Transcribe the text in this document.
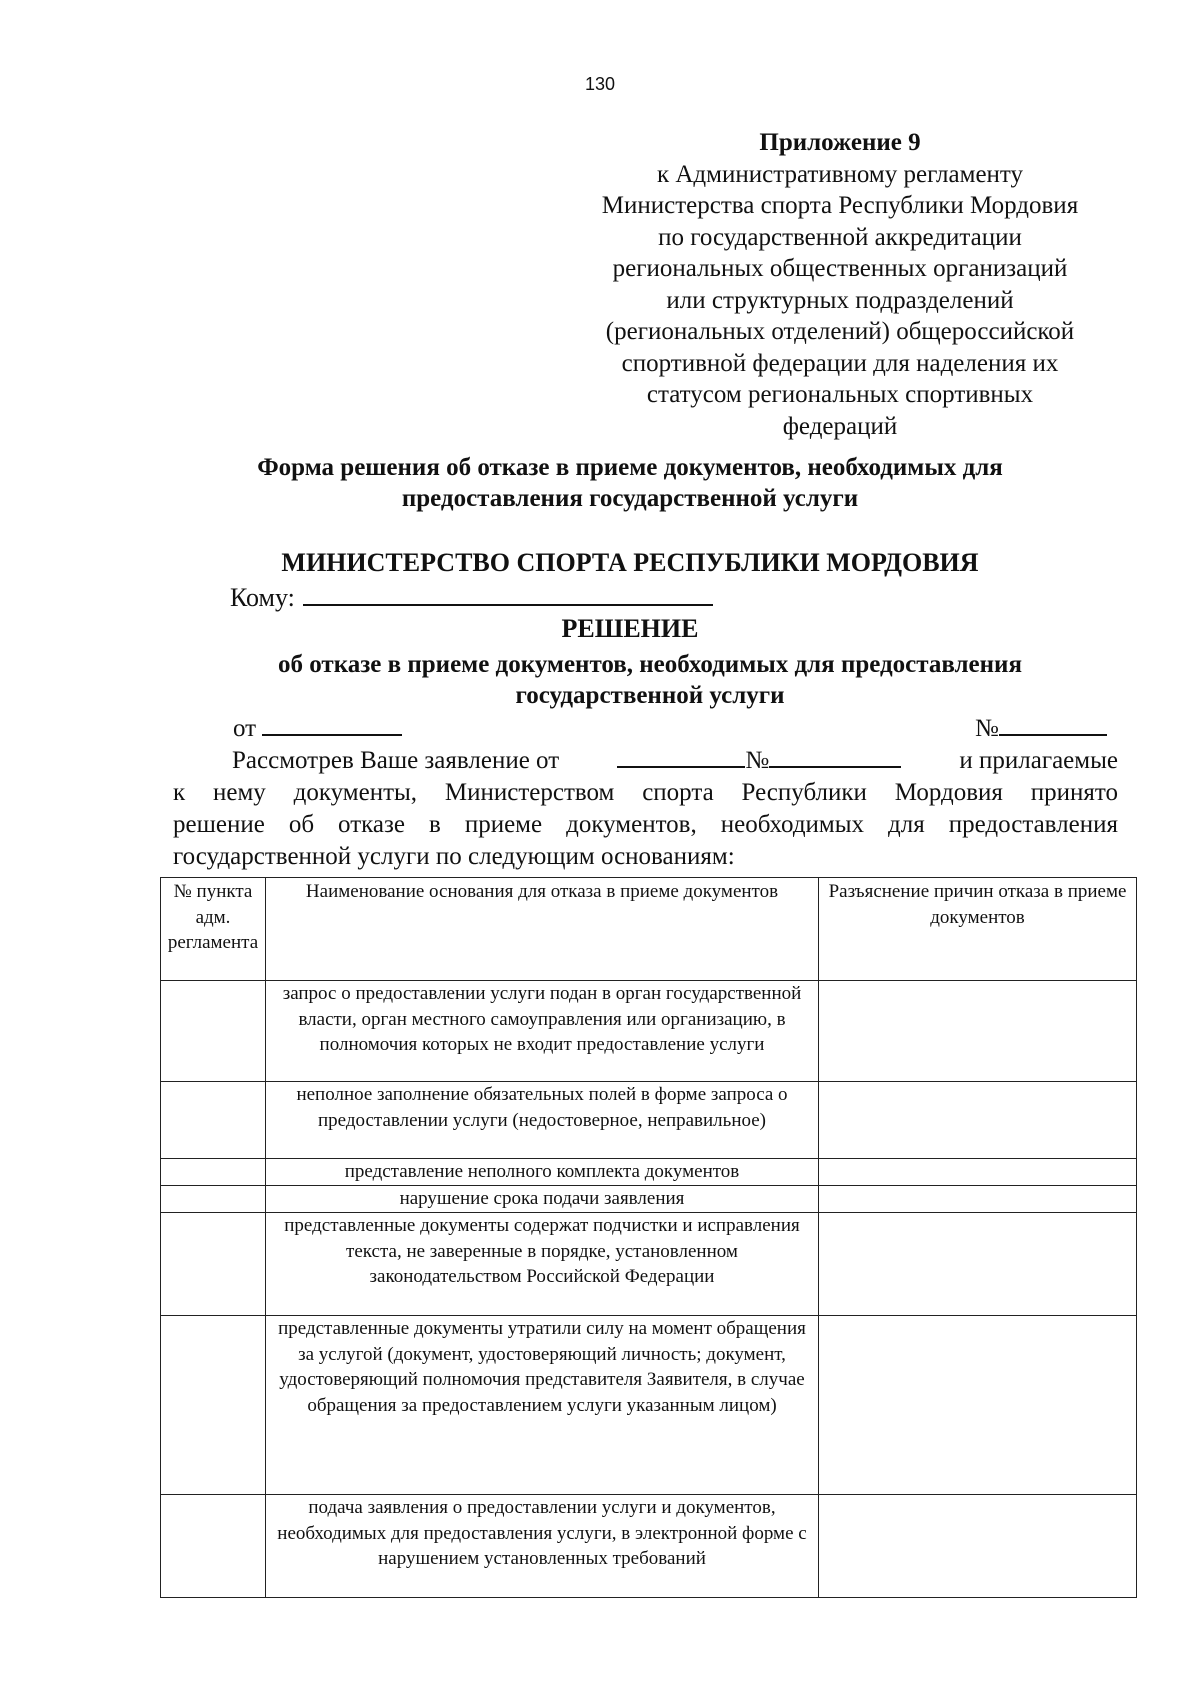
130
Приложение 9
к Административному регламенту
Министерства спорта Республики Мордовия
по государственной аккредитации
региональных общественных организаций
или структурных подразделений
(региональных отделений) общероссийской
спортивной федерации для наделения их
статусом региональных спортивных
федераций
Форма решения об отказе в приеме документов, необходимых для
предоставления государственной услуги
МИНИСТЕРСТВО СПОРТА РЕСПУБЛИКИ МОРДОВИЯ
Кому:
РЕШЕНИЕ
об отказе в приеме документов, необходимых для предоставления
государственной услуги
от	№
Рассмотрев Ваше заявление от	№	и прилагаемые
к нему документы, Министерством спорта Республики Мордовия принято
решение об отказе в приеме документов, необходимых для предоставления
государственной услуги по следующим основаниям:
№ пункта адм. регламента	Наименование основания для отказа в приеме документов	Разъяснение причин отказа в приеме документов
	запрос о предоставлении услуги подан в орган государственной власти, орган местного самоуправления или организацию, в полномочия которых не входит предоставление услуги	
	неполное заполнение обязательных полей в форме запроса о предоставлении услуги (недостоверное, неправильное)	
	представление неполного комплекта документов	
	нарушение срока подачи заявления	
	представленные документы содержат подчистки и исправления текста, не заверенные в порядке, установленном законодательством Российской Федерации	
	представленные документы утратили силу на момент обращения за услугой (документ, удостоверяющий личность; документ, удостоверяющий полномочия представителя Заявителя, в случае обращения за предоставлением услуги указанным лицом)	
	подача заявления о предоставлении услуги и документов, необходимых для предоставления услуги, в электронной форме с нарушением установленных требований	
